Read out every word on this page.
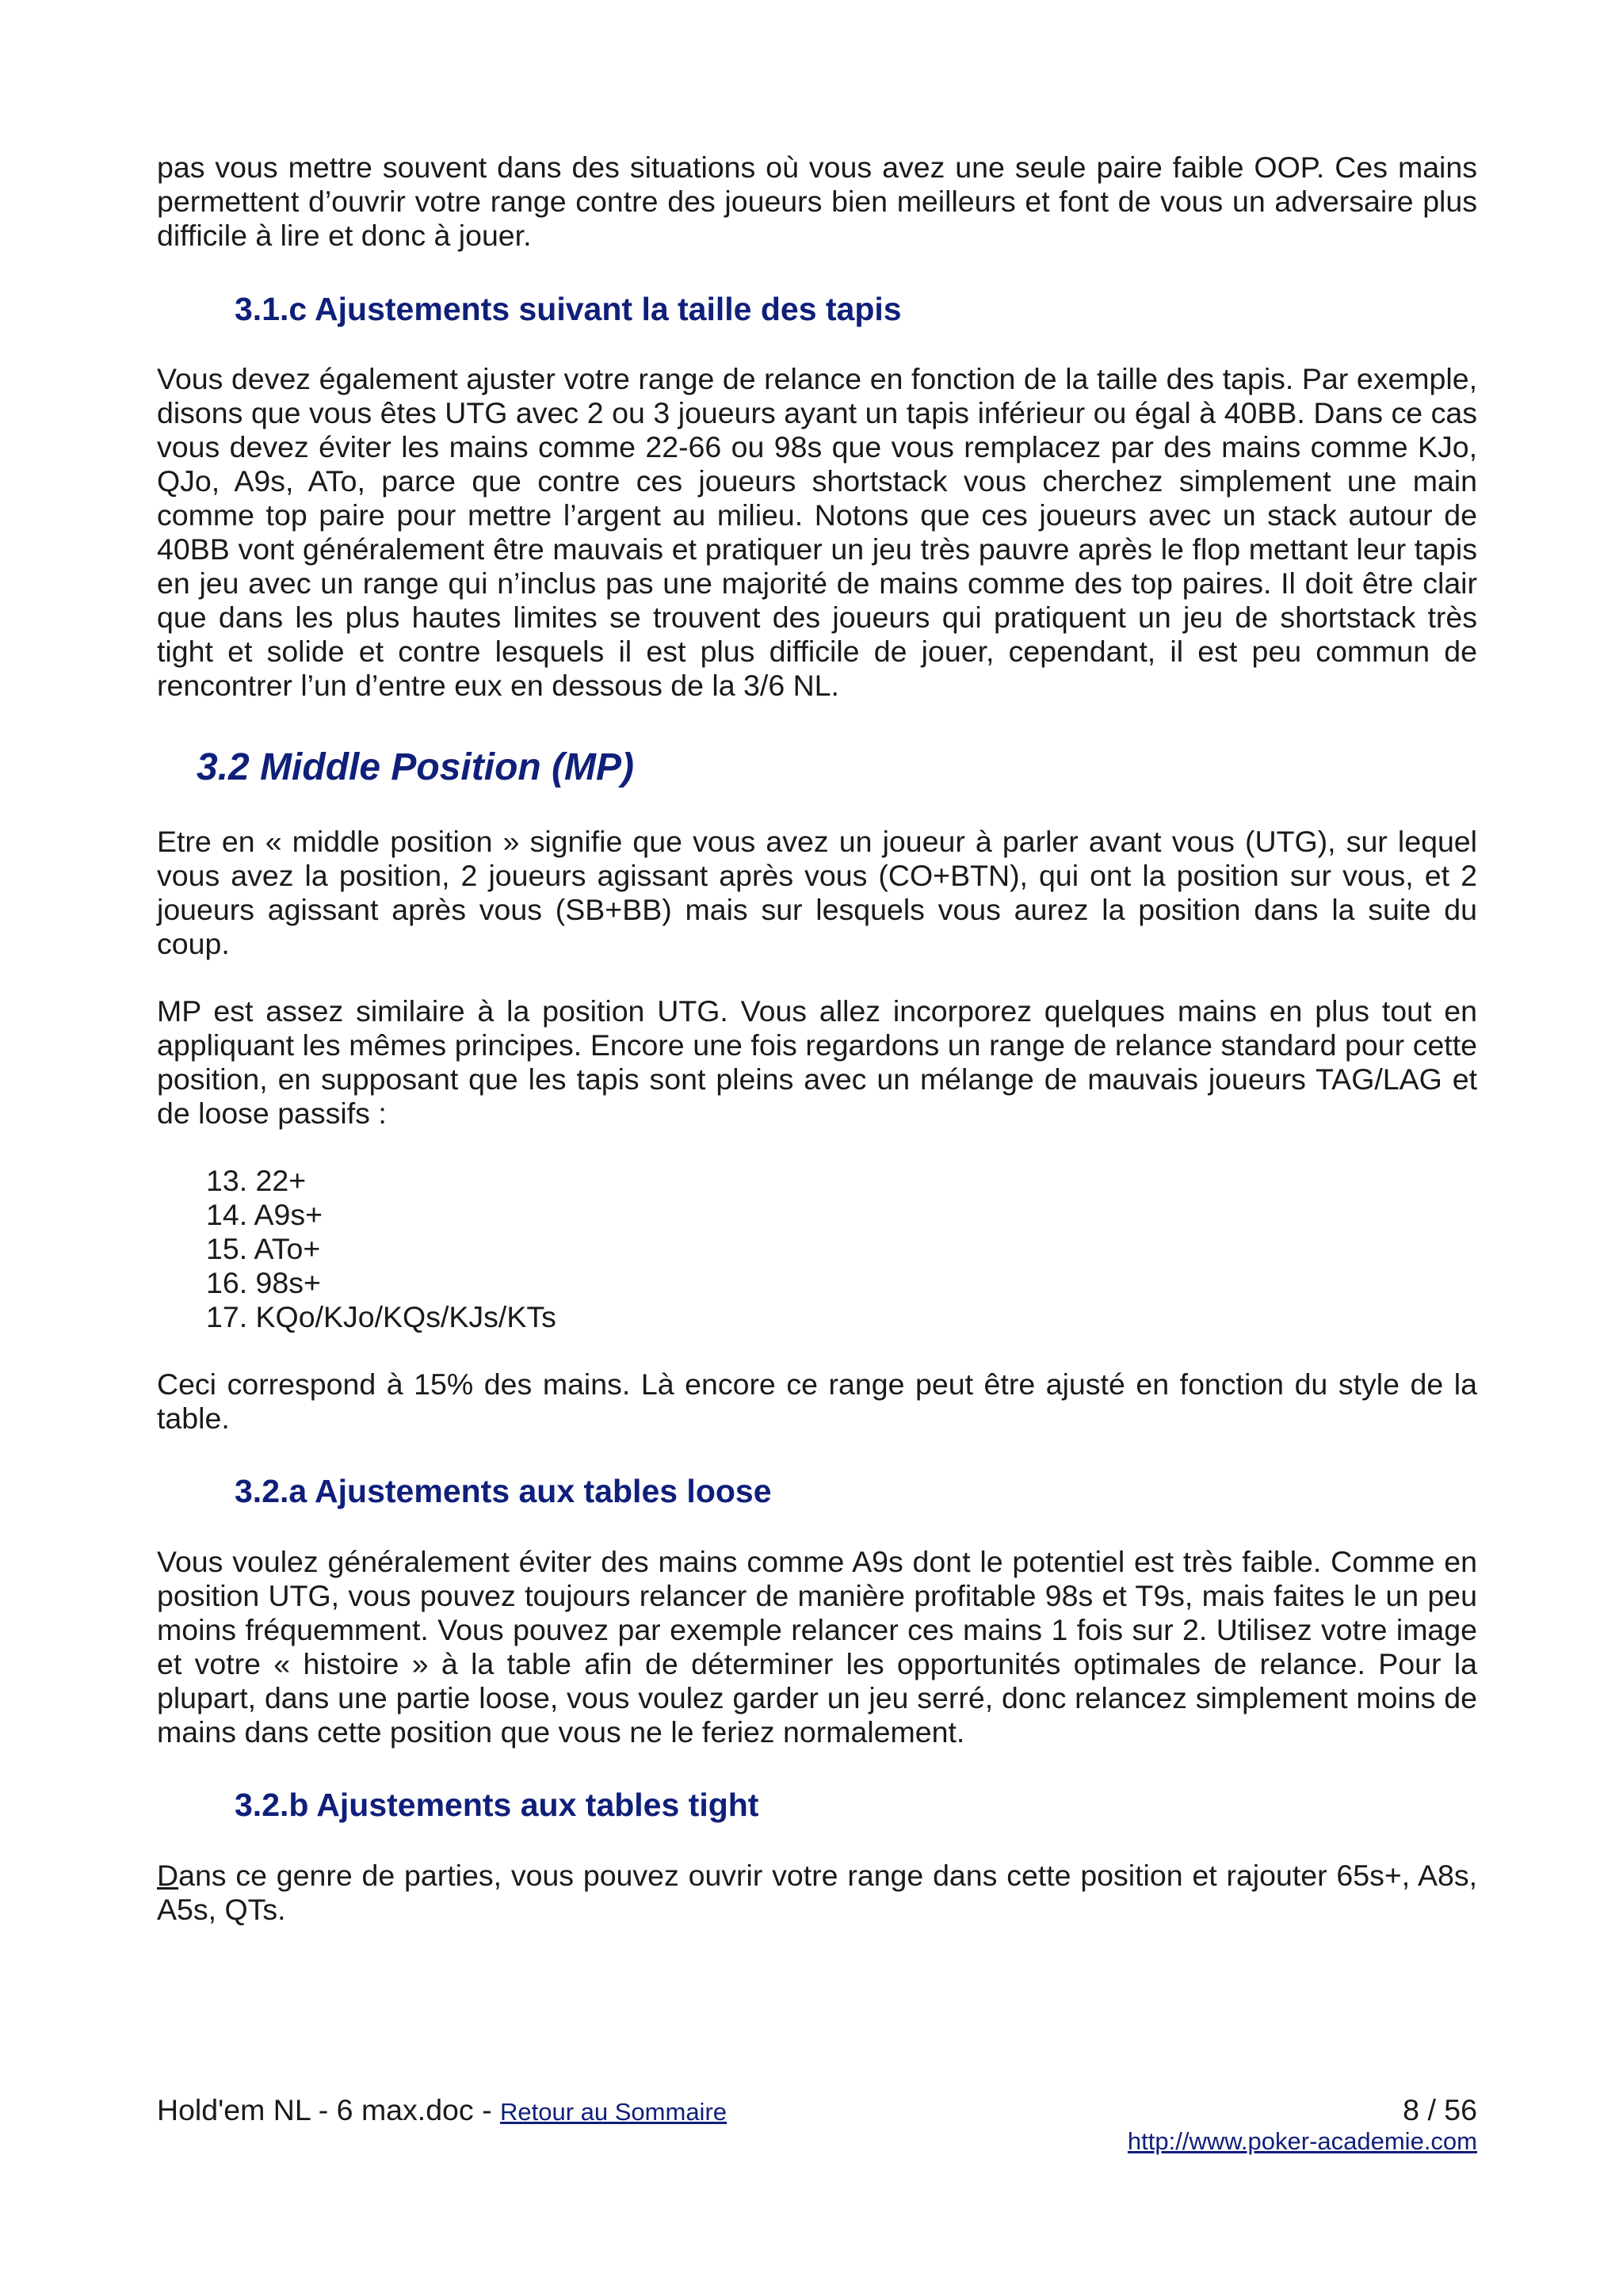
pas vous mettre souvent dans des situations où vous avez une seule paire faible OOP. Ces mains permettent d’ouvrir votre range contre des joueurs bien meilleurs et font de vous un adversaire plus difficile à lire et donc à jouer.

3.1.c Ajustements suivant la taille des tapis

Vous devez également ajuster votre range de relance en fonction de la taille des tapis. Par exemple, disons que vous êtes UTG avec 2 ou 3 joueurs ayant un tapis inférieur ou égal à 40BB. Dans ce cas vous devez éviter les mains comme 22-66 ou 98s que vous remplacez par des mains comme KJo, QJo, A9s, ATo, parce que contre ces joueurs shortstack vous cherchez simplement une main comme top paire pour mettre l’argent au milieu. Notons que ces joueurs avec un stack autour de 40BB vont généralement être mauvais et pratiquer un jeu très pauvre après le flop mettant leur tapis en jeu avec un range qui n’inclus pas une majorité de mains comme des top paires. Il doit être clair que dans les plus hautes limites se trouvent des joueurs qui pratiquent un jeu de shortstack très tight et solide et contre lesquels il est plus difficile de jouer, cependant, il est peu commun de rencontrer l’un d’entre eux en dessous de la 3/6 NL.

3.2 Middle Position (MP)

Etre en « middle position » signifie que vous avez un joueur à parler avant vous (UTG), sur lequel vous avez la position, 2 joueurs agissant après vous (CO+BTN), qui ont la position sur vous, et 2 joueurs agissant après vous (SB+BB) mais sur lesquels vous aurez la position dans la suite du coup.

MP est assez similaire à la position UTG. Vous allez incorporez quelques mains en plus tout en appliquant les mêmes principes. Encore une fois regardons un range de relance standard pour cette position, en supposant que les tapis sont pleins avec un mélange de mauvais joueurs TAG/LAG et de loose passifs :

13. 22+
14. A9s+
15. ATo+
16. 98s+
17. KQo/KJo/KQs/KJs/KTs

Ceci correspond à 15% des mains. Là encore ce range peut être ajusté en fonction du style de la table.

3.2.a Ajustements aux tables loose

Vous voulez généralement éviter des mains comme A9s dont le potentiel est très faible. Comme en position UTG, vous pouvez toujours relancer de manière profitable 98s et T9s, mais faites le un peu moins fréquemment. Vous pouvez par exemple relancer ces mains 1 fois sur 2. Utilisez votre image et votre « histoire » à la table afin de déterminer les opportunités optimales de relance. Pour la plupart, dans une partie loose, vous voulez garder un jeu serré, donc relancez simplement moins de mains dans cette position que vous ne le feriez normalement.

3.2.b Ajustements aux tables tight

Dans ce genre de parties, vous pouvez ouvrir votre range dans cette position et rajouter 65s+, A8s, A5s, QTs.

Hold'em NL - 6 max.doc - Retour au Sommaire	8 / 56
http://www.poker-academie.com
